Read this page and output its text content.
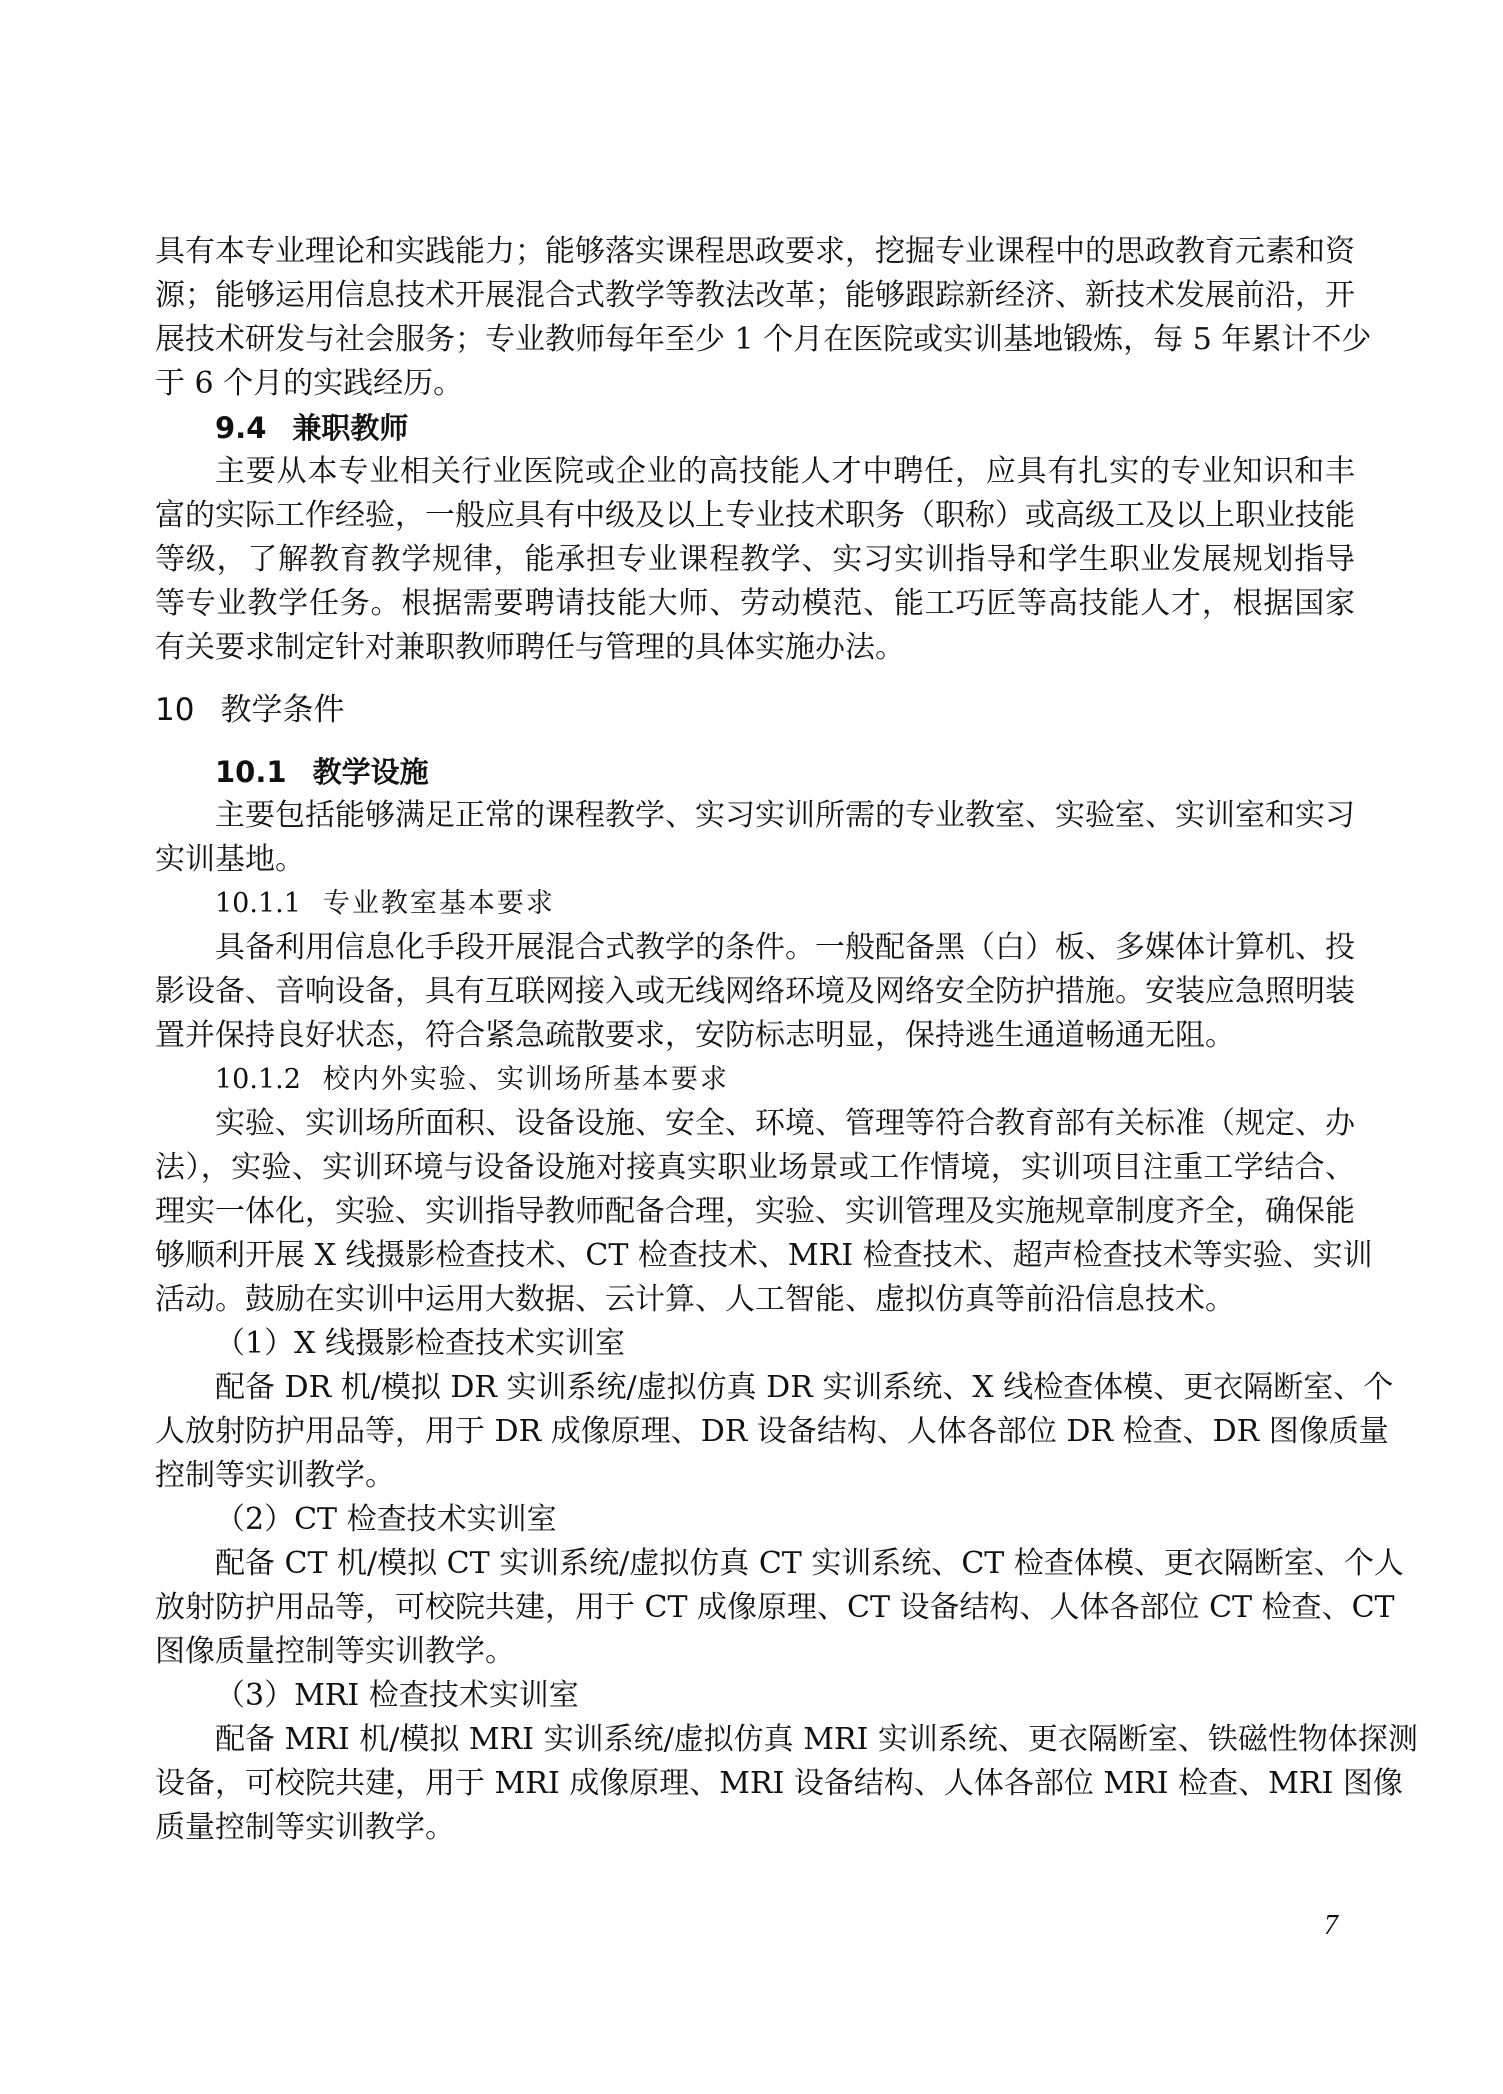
具有本专业理论和实践能力；能够落实课程思政要求，挖掘专业课程中的思政教育元素和资
源；能够运用信息技术开展混合式教学等教法改革；能够跟踪新经济、新技术发展前沿，开
展技术研发与社会服务；专业教师每年至少 1 个月在医院或实训基地锻炼，每 5 年累计不少
于 6 个月的实践经历。
9.4 兼职教师
主要从本专业相关行业医院或企业的高技能人才中聘任，应具有扎实的专业知识和丰
富的实际工作经验，一般应具有中级及以上专业技术职务（职称）或高级工及以上职业技能
等级，了解教育教学规律，能承担专业课程教学、实习实训指导和学生职业发展规划指导
等专业教学任务。根据需要聘请技能大师、劳动模范、能工巧匠等高技能人才，根据国家
有关要求制定针对兼职教师聘任与管理的具体实施办法。
10 教学条件
10.1 教学设施
主要包括能够满足正常的课程教学、实习实训所需的专业教室、实验室、实训室和实习
实训基地。
10.1.1 专业教室基本要求
具备利用信息化手段开展混合式教学的条件。一般配备黑（白）板、多媒体计算机、投
影设备、音响设备，具有互联网接入或无线网络环境及网络安全防护措施。安装应急照明装
置并保持良好状态，符合紧急疏散要求，安防标志明显，保持逃生通道畅通无阻。
10.1.2 校内外实验、实训场所基本要求
实验、实训场所面积、设备设施、安全、环境、管理等符合教育部有关标准（规定、办
法），实验、实训环境与设备设施对接真实职业场景或工作情境，实训项目注重工学结合、
理实一体化，实验、实训指导教师配备合理，实验、实训管理及实施规章制度齐全，确保能
够顺利开展 X 线摄影检查技术、CT 检查技术、MRI 检查技术、超声检查技术等实验、实训
活动。鼓励在实训中运用大数据、云计算、人工智能、虚拟仿真等前沿信息技术。
（1）X 线摄影检查技术实训室
配备 DR 机/模拟 DR 实训系统/虚拟仿真 DR 实训系统、X 线检查体模、更衣隔断室、个
人放射防护用品等，用于 DR 成像原理、DR 设备结构、人体各部位 DR 检查、DR 图像质量
控制等实训教学。
（2）CT 检查技术实训室
配备 CT 机/模拟 CT 实训系统/虚拟仿真 CT 实训系统、CT 检查体模、更衣隔断室、个人
放射防护用品等，可校院共建，用于 CT 成像原理、CT 设备结构、人体各部位 CT 检查、CT
图像质量控制等实训教学。
（3）MRI 检查技术实训室
配备 MRI 机/模拟 MRI 实训系统/虚拟仿真 MRI 实训系统、更衣隔断室、铁磁性物体探测
设备，可校院共建，用于 MRI 成像原理、MRI 设备结构、人体各部位 MRI 检查、MRI 图像
质量控制等实训教学。
7
